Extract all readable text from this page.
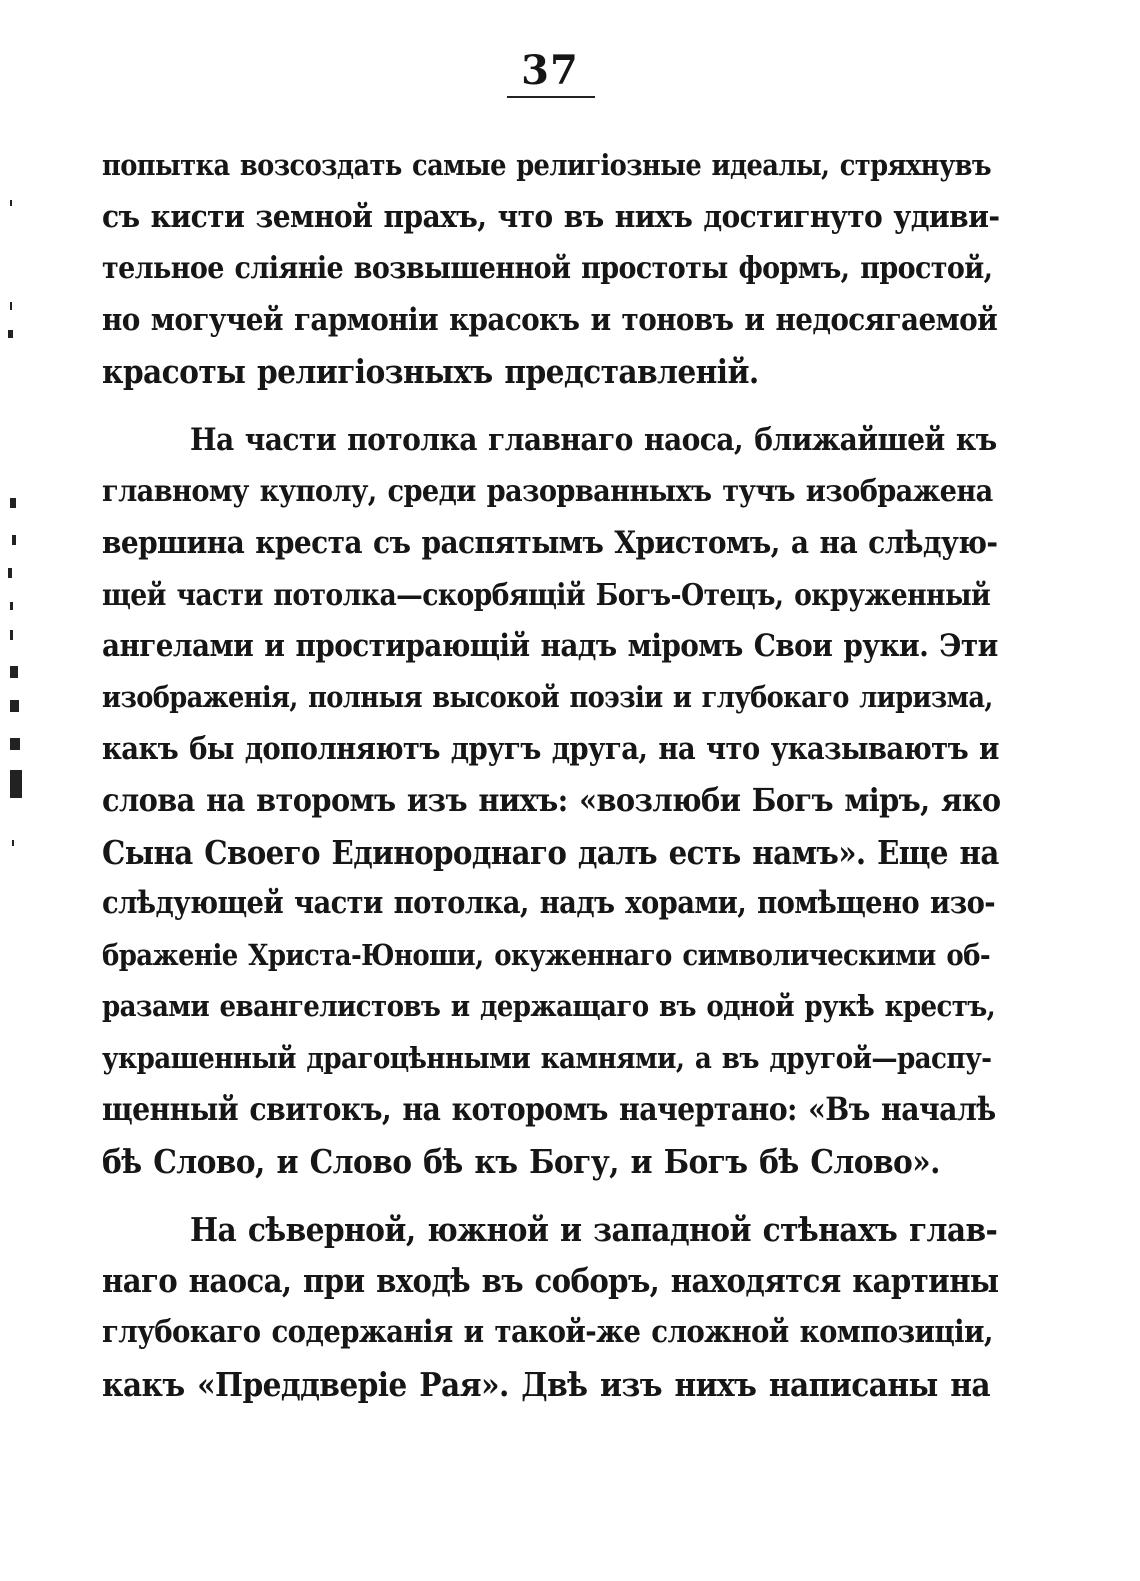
37
попытка возсоздать самые религіозные идеалы, стряхнувъ
съ кисти земной прахъ, что въ нихъ достигнуто удиви-
тельное сліяніе возвышенной простоты формъ, простой,
но могучей гармоніи красокъ и тоновъ и недосягаемой
красоты религіозныхъ представленій.
На части потолка главнаго наоса, ближайшей къ
главному куполу, среди разорванныхъ тучъ изображена
вершина креста съ распятымъ Христомъ, а на слѣдую-
щей части потолка—скорбящій Богъ-Отецъ, окруженный
ангелами и простирающій надъ міромъ Свои руки. Эти
изображенія, полныя высокой поэзіи и глубокаго лиризма,
какъ бы дополняютъ другъ друга, на что указываютъ и
слова на второмъ изъ нихъ: «возлюби Богъ міръ, яко
Сына Своего Единороднаго далъ есть намъ». Еще на
слѣдующей части потолка, надъ хорами, помѣщено изо-
браженіе Христа-Юноши, окуженнаго символическими об-
разами евангелистовъ и держащаго въ одной рукѣ крестъ,
украшенный драгоцѣнными камнями, а въ другой—распу-
щенный свитокъ, на которомъ начертано: «Въ началѣ
бѣ Слово, и Слово бѣ къ Богу, и Богъ бѣ Слово».
На сѣверной, южной и западной стѣнахъ глав-
наго наоса, при входѣ въ соборъ, находятся картины
глубокаго содержанія и такой-же сложной композиціи,
какъ «Преддверіе Рая». Двѣ изъ нихъ написаны на
